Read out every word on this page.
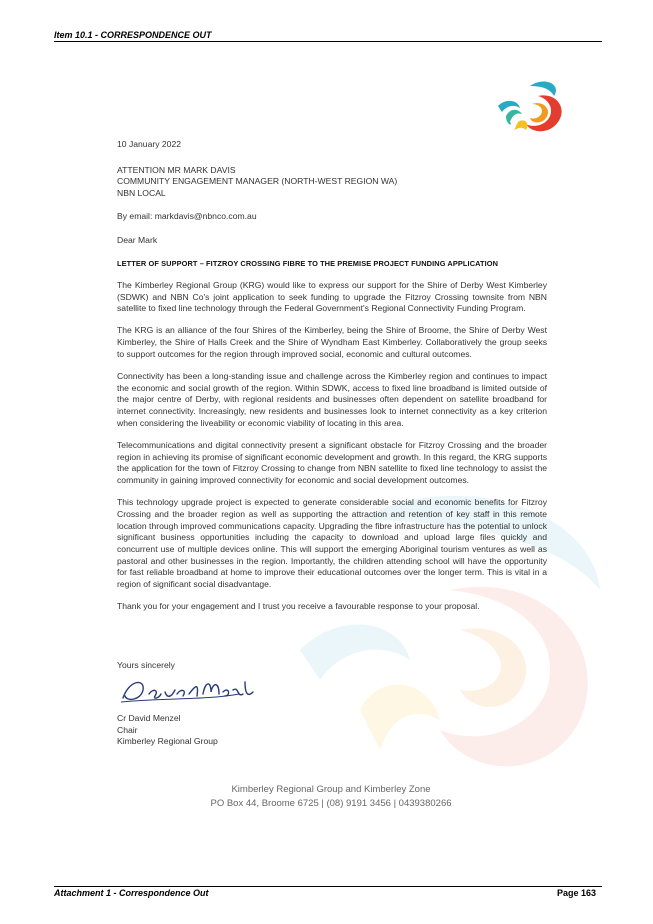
Item 10.1 - CORRESPONDENCE OUT

10 January 2022

ATTENTION MR MARK DAVIS
COMMUNITY ENGAGEMENT MANAGER (NORTH-WEST REGION WA)
NBN LOCAL

By email: markdavis@nbnco.com.au

Dear Mark

LETTER OF SUPPORT – FITZROY CROSSING FIBRE TO THE PREMISE PROJECT FUNDING APPLICATION

The Kimberley Regional Group (KRG) would like to express our support for the Shire of Derby West Kimberley (SDWK) and NBN Co's joint application to seek funding to upgrade the Fitzroy Crossing townsite from NBN satellite to fixed line technology through the Federal Government's Regional Connectivity Funding Program.

The KRG is an alliance of the four Shires of the Kimberley, being the Shire of Broome, the Shire of Derby West Kimberley, the Shire of Halls Creek and the Shire of Wyndham East Kimberley. Collaboratively the group seeks to support outcomes for the region through improved social, economic and cultural outcomes.

Connectivity has been a long-standing issue and challenge across the Kimberley region and continues to impact the economic and social growth of the region. Within SDWK, access to fixed line broadband is limited outside of the major centre of Derby, with regional residents and businesses often dependent on satellite broadband for internet connectivity. Increasingly, new residents and businesses look to internet connectivity as a key criterion when considering the liveability or economic viability of locating in this area.

Telecommunications and digital connectivity present a significant obstacle for Fitzroy Crossing and the broader region in achieving its promise of significant economic development and growth. In this regard, the KRG supports the application for the town of Fitzroy Crossing to change from NBN satellite to fixed line technology to assist the community in gaining improved connectivity for economic and social development outcomes.

This technology upgrade project is expected to generate considerable social and economic benefits for Fitzroy Crossing and the broader region as well as supporting the attraction and retention of key staff in this remote location through improved communications capacity. Upgrading the fibre infrastructure has the potential to unlock significant business opportunities including the capacity to download and upload large files quickly and concurrent use of multiple devices online. This will support the emerging Aboriginal tourism ventures as well as pastoral and other businesses in the region. Importantly, the children attending school will have the opportunity for fast reliable broadband at home to improve their educational outcomes over the longer term. This is vital in a region of significant social disadvantage.

Thank you for your engagement and I trust you receive a favourable response to your proposal.

Yours sincerely
Cr David Menzel
Chair
Kimberley Regional Group
Kimberley Regional Group and Kimberley Zone
PO Box 44, Broome 6725 | (08) 9191 3456 | 0439380266
Attachment 1 - Correspondence Out	Page 163
